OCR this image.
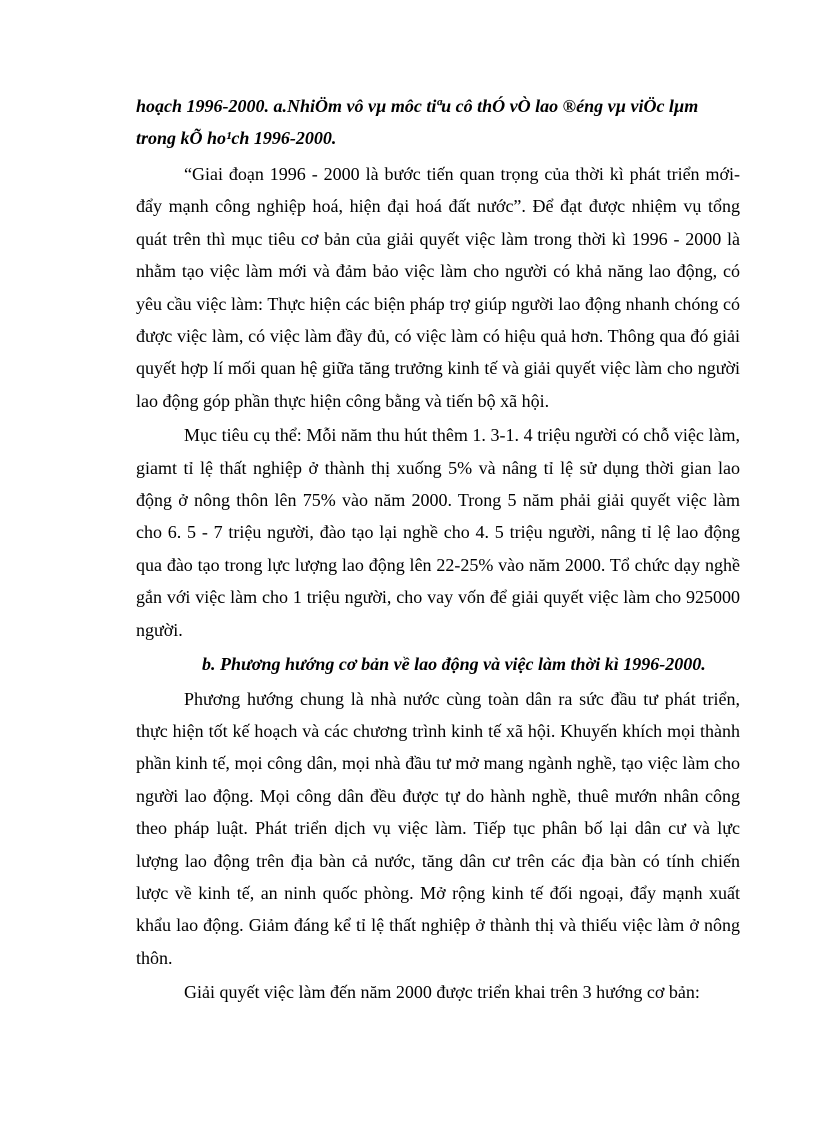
hoạch 1996-2000. a.NhiÖm vô vµ môc tiªu cô thÓ vÒ lao ®éng vµ viÖc lµm
trong kÕ ho¹ch 1996-2000.

“Giai đoạn 1996 - 2000 là bước tiến quan trọng của thời kì phát triển mới- đẩy mạnh công nghiệp hoá, hiện đại hoá đất nước”. Để đạt được nhiệm vụ tổng quát trên thì mục tiêu cơ bản của giải quyết việc làm trong thời kì 1996 - 2000 là nhằm tạo việc làm mới và đảm bảo việc làm cho người có khả năng lao động, có yêu cầu việc làm: Thực hiện các biện pháp trợ giúp người lao động nhanh chóng có được việc làm, có việc làm đầy đủ, có việc làm có hiệu quả hơn. Thông qua đó giải quyết hợp lí mối quan hệ giữa tăng trưởng kinh tế và giải quyết việc làm cho người lao động góp phần thực hiện công bằng và tiến bộ xã hội.

Mục tiêu cụ thể: Mỗi năm thu hút thêm 1. 3-1. 4 triệu người có chỗ việc làm, giamt tỉ lệ thất nghiệp ở thành thị xuống 5% và nâng tỉ lệ sử dụng thời gian lao động ở nông thôn lên 75% vào năm 2000. Trong 5 năm phải giải quyết việc làm cho 6. 5 - 7 triệu người, đào tạo lại nghề cho 4. 5 triệu người, nâng tỉ lệ lao động qua đào tạo trong lực lượng lao động lên 22-25% vào năm 2000. Tổ chức dạy nghề gắn với việc làm cho 1 triệu người, cho vay vốn để giải quyết việc làm cho 925000 người.

b. Phương hướng cơ bản về lao động và việc làm thời kì 1996-2000.

Phương hướng chung là nhà nước cùng toàn dân ra sức đầu tư phát triển, thực hiện tốt kế hoạch và các chương trình kinh tế xã hội. Khuyến khích mọi thành phần kinh tế, mọi công dân, mọi nhà đầu tư mở mang ngành nghề, tạo việc làm cho người lao động. Mọi công dân đều được tự do hành nghề, thuê mướn nhân công theo pháp luật. Phát triển dịch vụ việc làm. Tiếp tục phân bố lại dân cư và lực lượng lao động trên địa bàn cả nước, tăng dân cư trên các địa bàn có tính chiến lược về kinh tế, an ninh quốc phòng. Mở rộng kinh tế đối ngoại, đẩy mạnh xuất khẩu lao động. Giảm đáng kể tỉ lệ thất nghiệp ở thành thị và thiếu việc làm ở nông thôn.

Giải quyết việc làm đến năm 2000 được triển khai trên 3 hướng cơ bản:
